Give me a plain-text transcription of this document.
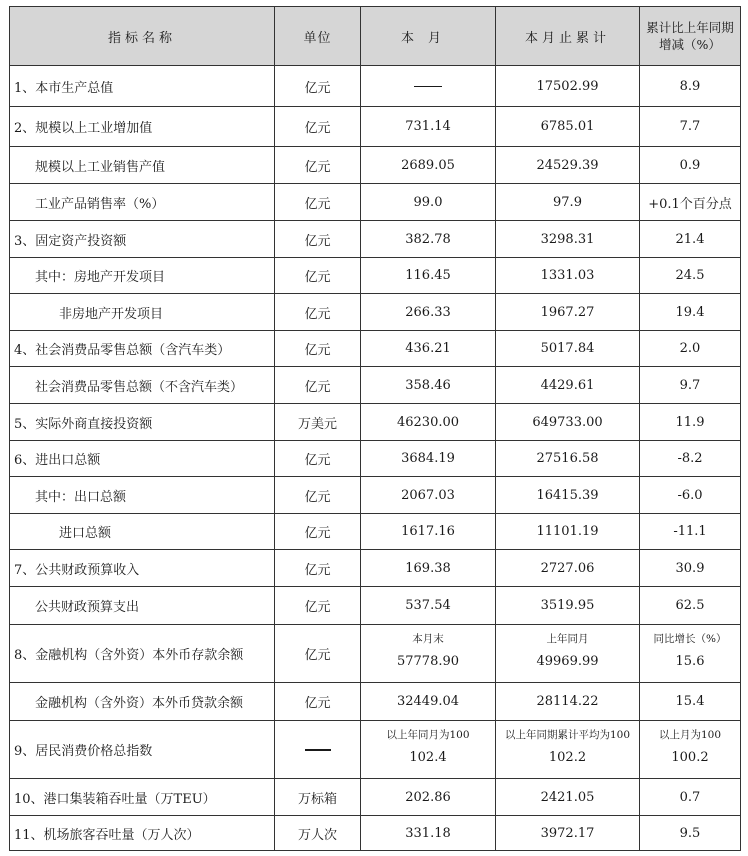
指标名称	单位	本月	本月止累计	累计比上年同期
增减（%）
1、本市生产总值	亿元		17502.99	8.9
2、规模以上工业增加值	亿元	731.14	6785.01	7.7
规模以上工业销售产值	亿元	2689.05	24529.39	0.9
工业产品销售率（%）	亿元	99.0	97.9	+0.1个百分点
3、固定资产投资额	亿元	382.78	3298.31	21.4
其中：房地产开发项目	亿元	116.45	1331.03	24.5
非房地产开发项目	亿元	266.33	1967.27	19.4
4、社会消费品零售总额（含汽车类）	亿元	436.21	5017.84	2.0
社会消费品零售总额（不含汽车类）	亿元	358.46	4429.61	9.7
5、实际外商直接投资额	万美元	46230.00	649733.00	11.9
6、进出口总额	亿元	3684.19	27516.58	-8.2
其中：出口总额	亿元	2067.03	16415.39	-6.0
进口总额	亿元	1617.16	11101.19	-11.1
7、公共财政预算收入	亿元	169.38	2727.06	30.9
公共财政预算支出	亿元	537.54	3519.95	62.5
8、金融机构（含外资）本外币存款余额	亿元	本月末
57778.90	上年同月
49969.99	同比增长（%）
15.6

金融机构（含外资）本外币贷款余额	亿元	32449.04	28114.22	15.4
9、居民消费价格总指数		以上年同月为100
102.4	以上年同期累计平均为100
102.2	以上月为100
100.2

10、港口集装箱吞吐量（万TEU）	万标箱	202.86	2421.05	0.7
11、机场旅客吞吐量（万人次）	万人次	331.18	3972.17	9.5
